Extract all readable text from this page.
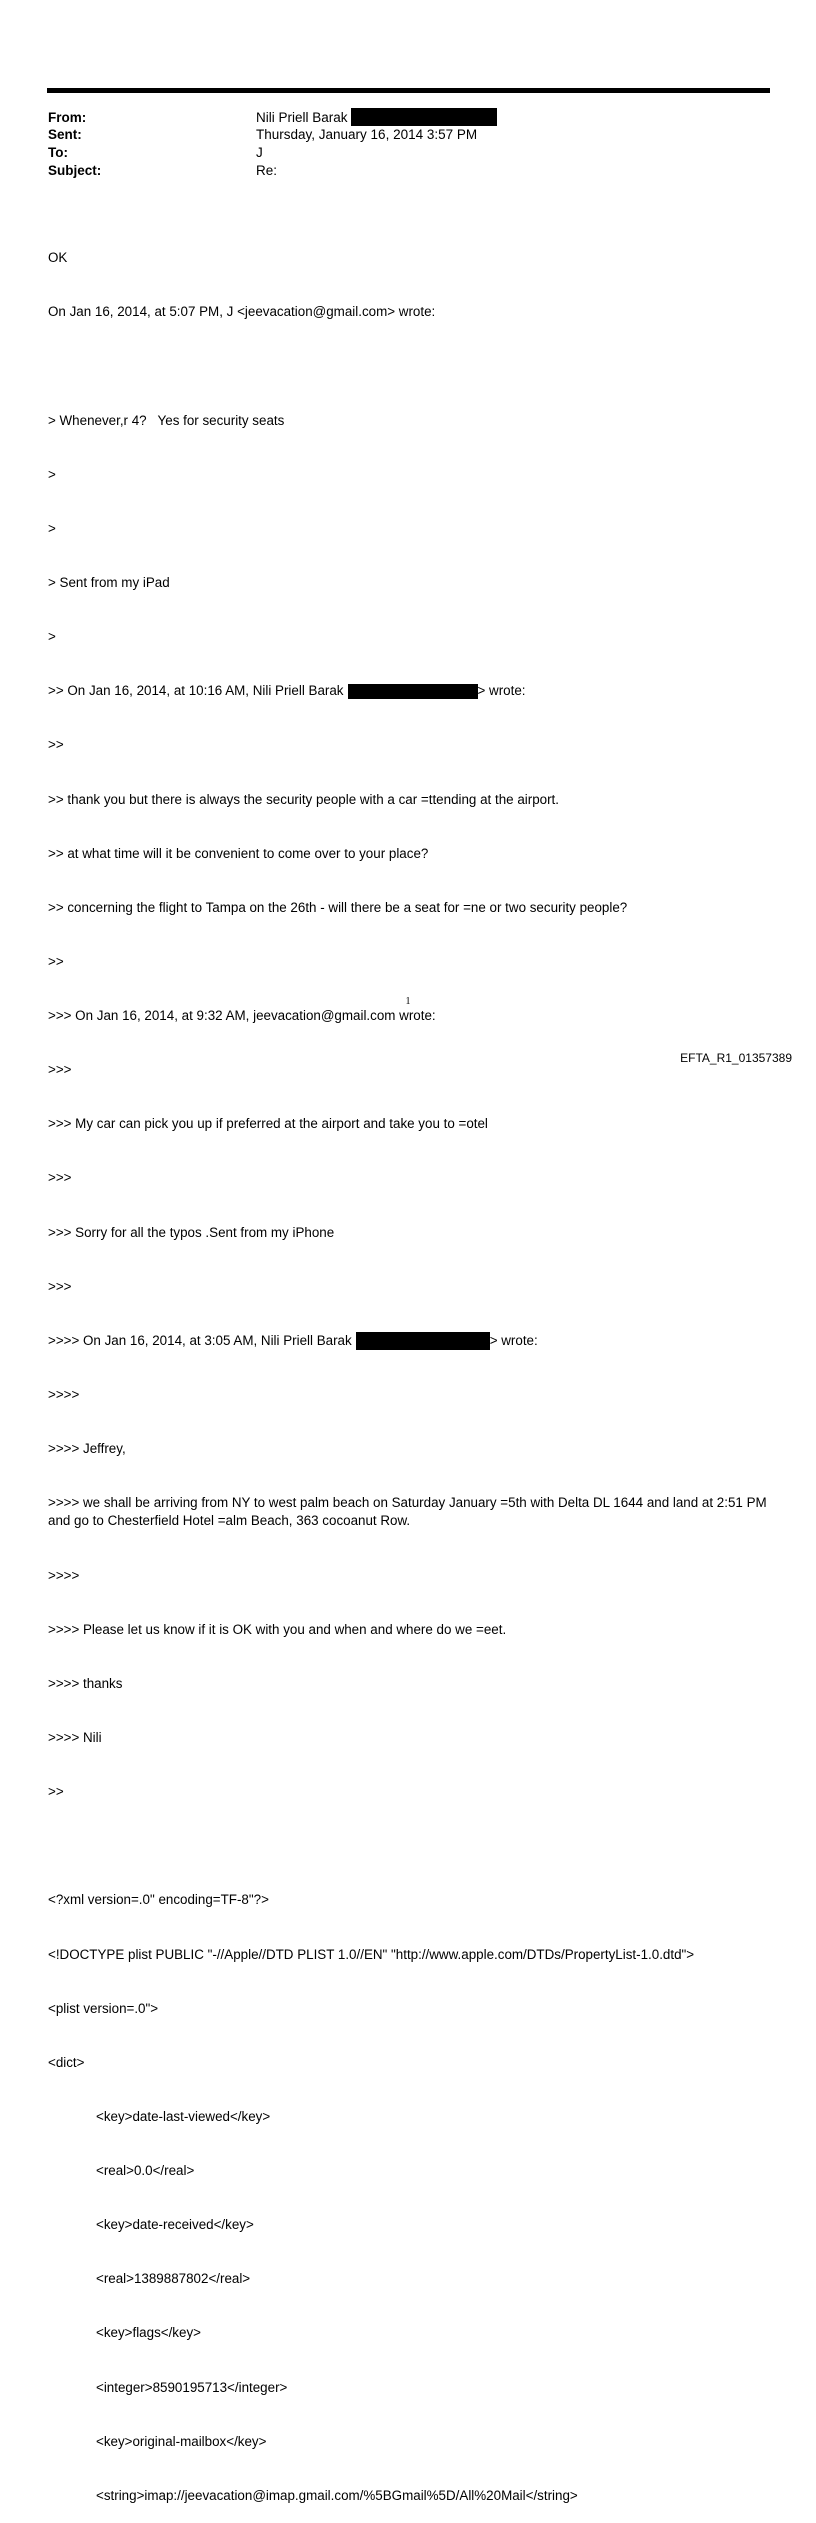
From:	Nili Priell Barak
Sent:	Thursday, January 16, 2014 3:57 PM
To:	J
Subject:	Re:

OK

On Jan 16, 2014, at 5:07 PM, J <jeevacation@gmail.com> wrote:

> Whenever,r 4?   Yes for security seats

>

>

> Sent from my iPad

>

>> On Jan 16, 2014, at 10:16 AM, Nili Priell Barak	> wrote:

>>

>> thank you but there is always the security people with a car =ttending at the airport.

>> at what time will it be convenient to come over to your place?

>> concerning the flight to Tampa on the 26th - will there be a seat for =ne or two security people?

>>

>>> On Jan 16, 2014, at 9:32 AM, jeevacation@gmail.com wrote:

>>>

>>> My car can pick you up if preferred at the airport and take you to =otel

>>>

>>> Sorry for all the typos .Sent from my iPhone

>>>

>>>> On Jan 16, 2014, at 3:05 AM, Nili Priell Barak	> wrote:

>>>>

>>>> Jeffrey,

>>>> we shall be arriving from NY to west palm beach on Saturday January =5th with Delta DL 1644 and land at 2:51 PM and go to Chesterfield Hotel =alm Beach, 363 cocoanut Row.

>>>>

>>>> Please let us know if it is OK with you and when and where do we =eet.

>>>> thanks

>>>> Nili

>>

<?xml version=.0" encoding=TF-8"?>

<!DOCTYPE plist PUBLIC "-//Apple//DTD PLIST 1.0//EN" "http://www.apple.com/DTDs/PropertyList-1.0.dtd">

<plist version=.0">

<dict>

<key>date-last-viewed</key>

<real>0.0</real>

<key>date-received</key>

<real>1389887802</real>

<key>flags</key>

<integer>8590195713</integer>

<key>original-mailbox</key>

<string>imap://jeevacation@imap.gmail.com/%5BGmail%5D/All%20Mail</string>

1
EFTA_R1_01357389
